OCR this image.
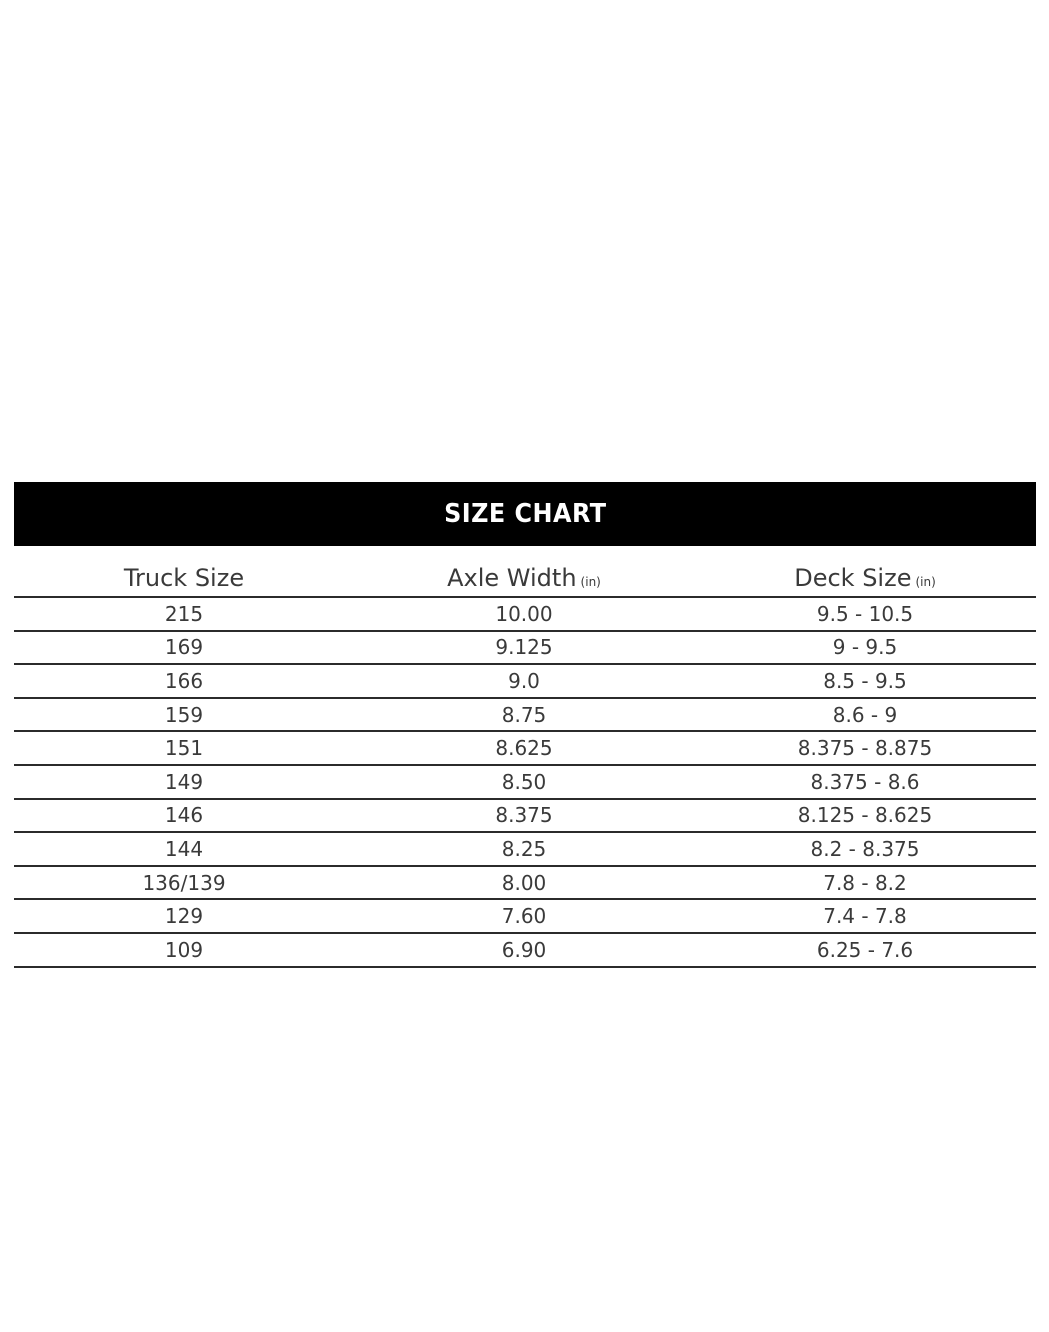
SIZE CHART
Truck Size	Axle Width (in)	Deck Size (in)
215	10.00	9.5 - 10.5
169	9.125	9 - 9.5
166	9.0	8.5 - 9.5
159	8.75	8.6 - 9
151	8.625	8.375 - 8.875
149	8.50	8.375 - 8.6
146	8.375	8.125 - 8.625
144	8.25	8.2 - 8.375
136/139	8.00	7.8 - 8.2
129	7.60	7.4 - 7.8
109	6.90	6.25 - 7.6
